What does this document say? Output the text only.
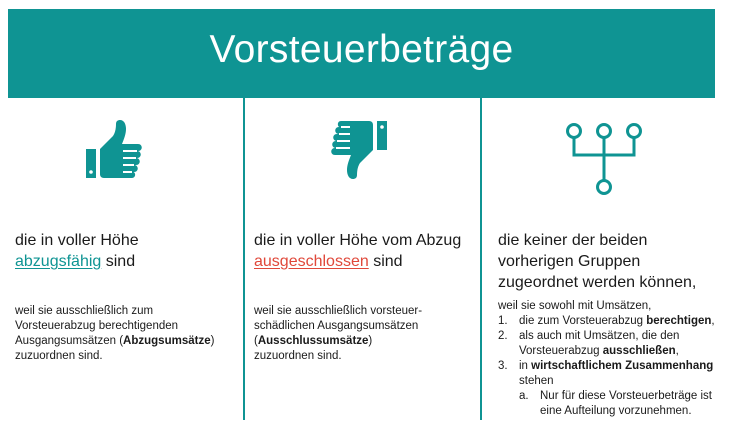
Vorsteuerbeträge

die in voller Höhe
abzugsfähig sind

weil sie ausschließlich zum Vorsteuerabzug berechtigenden Ausgangsumsätzen (Abzugsumsätze) zuzuordnen sind.

die in voller Höhe vom Abzug
ausgeschlossen sind

weil sie ausschließlich vorsteuer-schädlichen Ausgangsumsätzen (Ausschlussumsätze) zuzuordnen sind.

die keiner der beiden vorherigen Gruppen zugeordnet werden können,

weil sie sowohl mit Umsätzen,
1. die zum Vorsteuerabzug berechtigen,
2. als auch mit Umsätzen, die den Vorsteuerabzug ausschließen,
3. in wirtschaftlichem Zusammenhang stehen
a. Nur für diese Vorsteuerbeträge ist eine Aufteilung vorzunehmen.
